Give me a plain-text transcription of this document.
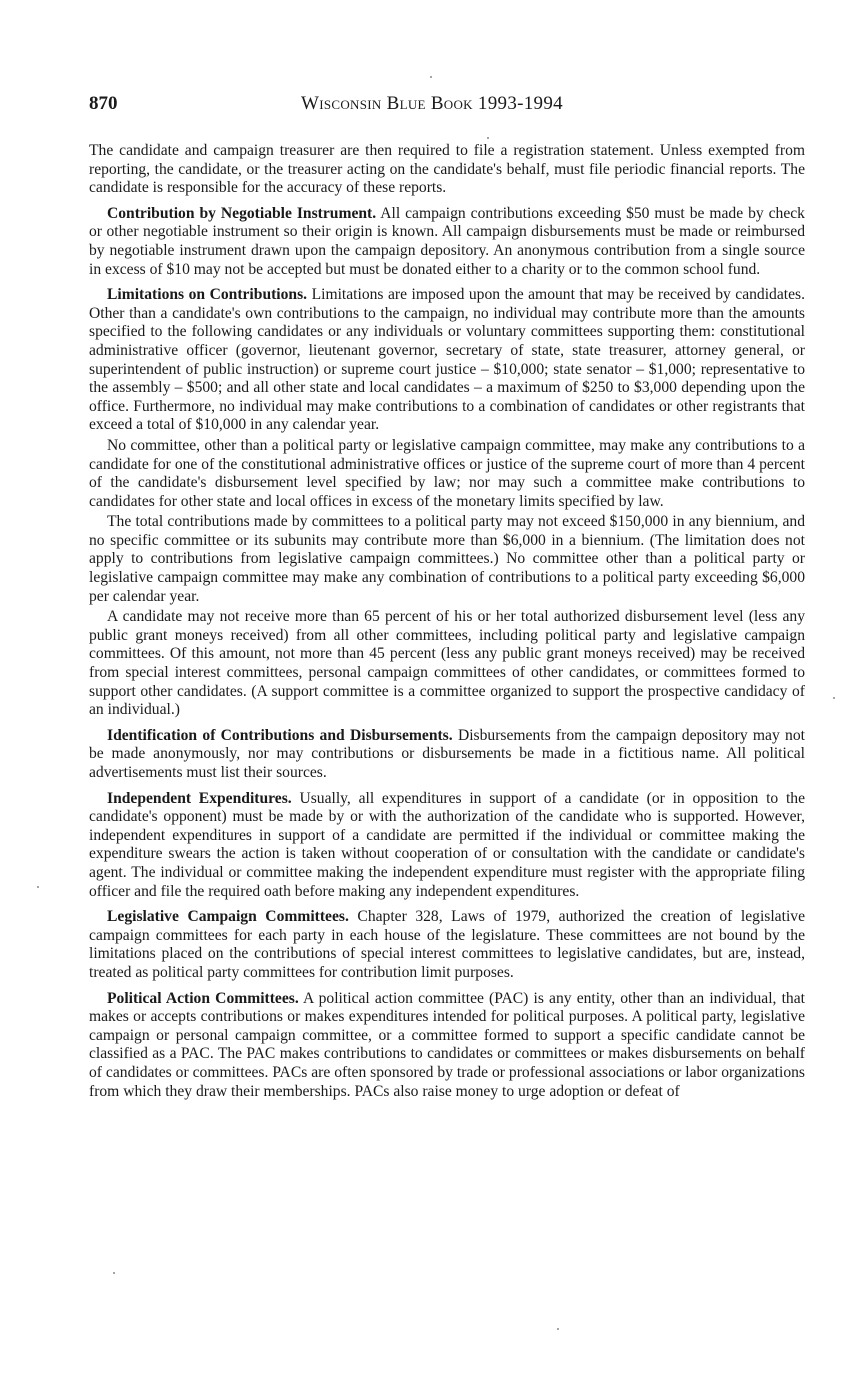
870	Wisconsin Blue Book 1993-1994

The candidate and campaign treasurer are then required to file a registration statement. Unless exempted from reporting, the candidate, or the treasurer acting on the candidate's behalf, must file periodic financial reports. The candidate is responsible for the accuracy of these reports.

Contribution by Negotiable Instrument. All campaign contributions exceeding $50 must be made by check or other negotiable instrument so their origin is known. All campaign disbursements must be made or reimbursed by negotiable instrument drawn upon the campaign depository. An anonymous contribution from a single source in excess of $10 may not be accepted but must be donated either to a charity or to the common school fund.

Limitations on Contributions. Limitations are imposed upon the amount that may be received by candidates. Other than a candidate's own contributions to the campaign, no individual may contribute more than the amounts specified to the following candidates or any individuals or voluntary committees supporting them: constitutional administrative officer (governor, lieutenant governor, secretary of state, state treasurer, attorney general, or superintendent of public instruction) or supreme court justice – $10,000; state senator – $1,000; representative to the assembly – $500; and all other state and local candidates – a maximum of $250 to $3,000 depending upon the office. Furthermore, no individual may make contributions to a combination of candidates or other registrants that exceed a total of $10,000 in any calendar year.

No committee, other than a political party or legislative campaign committee, may make any contributions to a candidate for one of the constitutional administrative offices or justice of the supreme court of more than 4 percent of the candidate's disbursement level specified by law; nor may such a committee make contributions to candidates for other state and local offices in excess of the monetary limits specified by law.

The total contributions made by committees to a political party may not exceed $150,000 in any biennium, and no specific committee or its subunits may contribute more than $6,000 in a biennium. (The limitation does not apply to contributions from legislative campaign committees.) No committee other than a political party or legislative campaign committee may make any combination of contributions to a political party exceeding $6,000 per calendar year.

A candidate may not receive more than 65 percent of his or her total authorized disbursement level (less any public grant moneys received) from all other committees, including political party and legislative campaign committees. Of this amount, not more than 45 percent (less any public grant moneys received) may be received from special interest committees, personal campaign committees of other candidates, or committees formed to support other candidates. (A support committee is a committee organized to support the prospective candidacy of an individual.)

Identification of Contributions and Disbursements. Disbursements from the campaign depository may not be made anonymously, nor may contributions or disbursements be made in a fictitious name. All political advertisements must list their sources.

Independent Expenditures. Usually, all expenditures in support of a candidate (or in opposition to the candidate's opponent) must be made by or with the authorization of the candidate who is supported. However, independent expenditures in support of a candidate are permitted if the individual or committee making the expenditure swears the action is taken without cooperation of or consultation with the candidate or candidate's agent. The individual or committee making the independent expenditure must register with the appropriate filing officer and file the required oath before making any independent expenditures.

Legislative Campaign Committees. Chapter 328, Laws of 1979, authorized the creation of legislative campaign committees for each party in each house of the legislature. These committees are not bound by the limitations placed on the contributions of special interest committees to legislative candidates, but are, instead, treated as political party committees for contribution limit purposes.

Political Action Committees. A political action committee (PAC) is any entity, other than an individual, that makes or accepts contributions or makes expenditures intended for political purposes. A political party, legislative campaign or personal campaign committee, or a committee formed to support a specific candidate cannot be classified as a PAC. The PAC makes contributions to candidates or committees or makes disbursements on behalf of candidates or committees. PACs are often sponsored by trade or professional associations or labor organizations from which they draw their memberships. PACs also raise money to urge adoption or defeat of
